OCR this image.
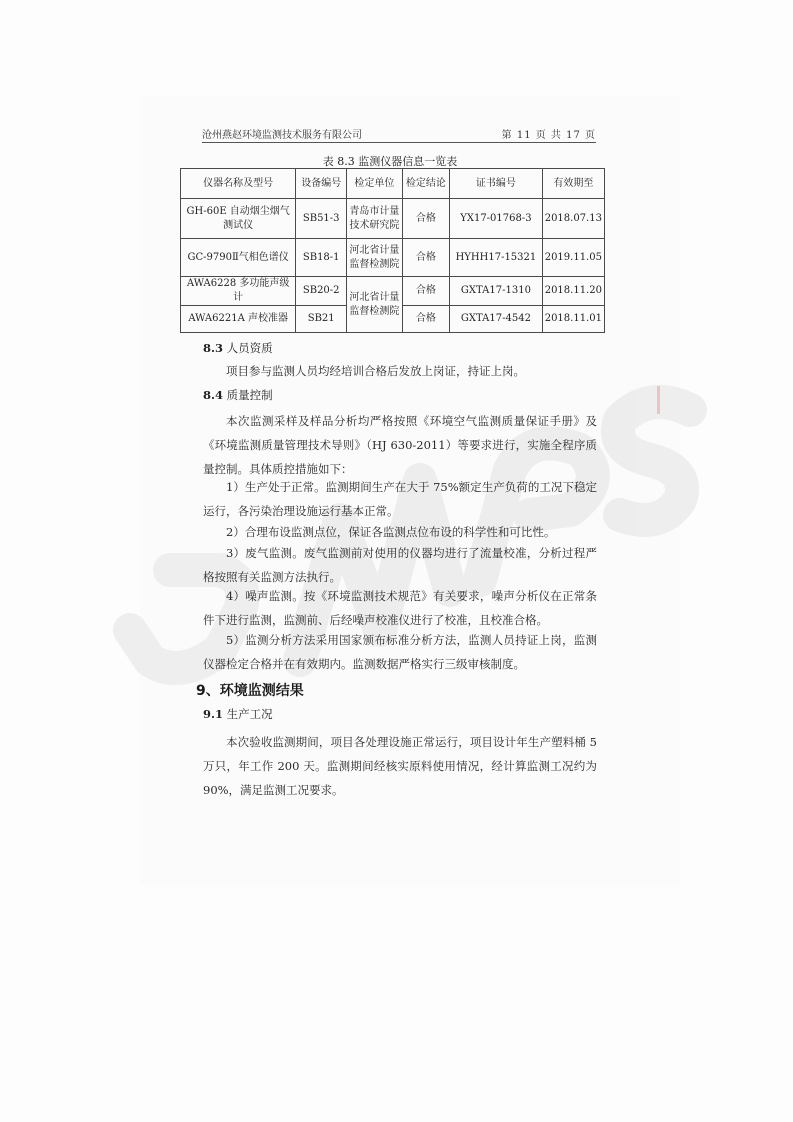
沧州燕赵环境监测技术服务有限公司	第 11 页 共 17 页
表 8.3 监测仪器信息一览表
仪器名称及型号	设备编号	检定单位	检定结论	证书编号	有效期至
GH-60E 自动烟尘烟气测试仪	SB51-3	青岛市计量技术研究院	合格	YX17-01768-3	2018.07.13
GC-9790Ⅱ气相色谱仪	SB18-1	河北省计量监督检测院	合格	HYHH17-15321	2019.11.05
AWA6228 多功能声级计	SB20-2	河北省计量监督检测院	合格	GXTA17-1310	2018.11.20
AWA6221A 声校准器	SB21		合格	GXTA17-4542	2018.11.01
8.3 人员资质
项目参与监测人员均经培训合格后发放上岗证，持证上岗。
8.4 质量控制
本次监测采样及样品分析均严格按照《环境空气监测质量保证手册》及《环境监测质量管理技术导则》（HJ 630-2011）等要求进行，实施全程序质量控制。具体质控措施如下：
1）生产处于正常。监测期间生产在大于 75%额定生产负荷的工况下稳定运行，各污染治理设施运行基本正常。
2）合理布设监测点位，保证各监测点位布设的科学性和可比性。
3）废气监测。废气监测前对使用的仪器均进行了流量校准，分析过程严格按照有关监测方法执行。
4）噪声监测。按《环境监测技术规范》有关要求，噪声分析仪在正常条件下进行监测，监测前、后经噪声校准仪进行了校准，且校准合格。
5）监测分析方法采用国家颁布标准分析方法，监测人员持证上岗，监测仪器检定合格并在有效期内。监测数据严格实行三级审核制度。
9、环境监测结果
9.1 生产工况
本次验收监测期间，项目各处理设施正常运行，项目设计年生产塑料桶 5万只，年工作 200 天。监测期间经核实原料使用情况，经计算监测工况约为 90%，满足监测工况要求。
